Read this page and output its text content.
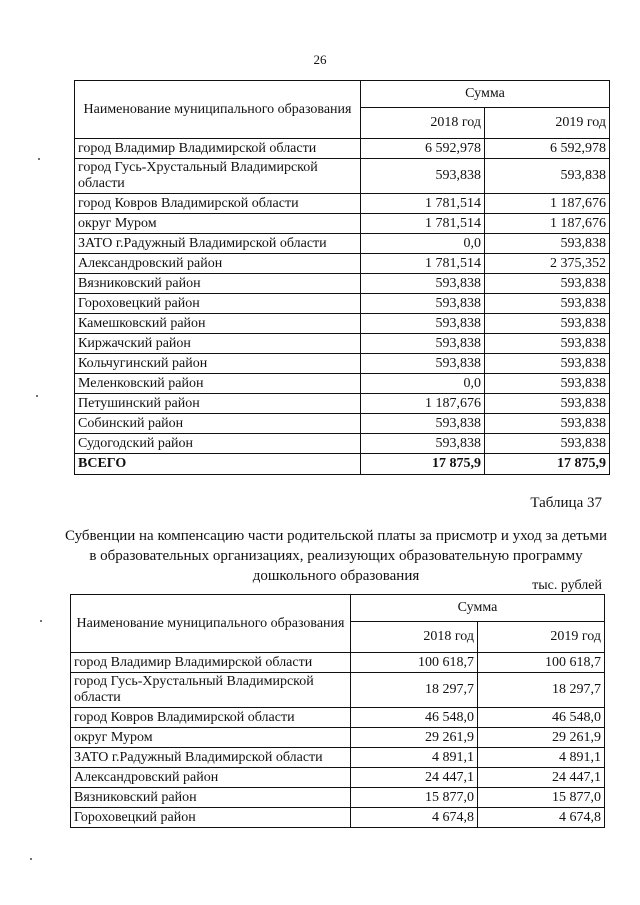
26
Наименование муниципального образования	Сумма	
	2018 год	2019 год
город Владимир Владимирской области	6 592,978	6 592,978
город Гусь-Хрустальный Владимирской области	593,838	593,838
город Ковров Владимирской области	1 781,514	1 187,676
округ Муром	1 781,514	1 187,676
ЗАТО г.Радужный Владимирской области	0,0	593,838
Александровский район	1 781,514	2 375,352
Вязниковский район	593,838	593,838
Гороховецкий район	593,838	593,838
Камешковский район	593,838	593,838
Киржачский район	593,838	593,838
Кольчугинский район	593,838	593,838
Меленковский район	0,0	593,838
Петушинский район	1 187,676	593,838
Собинский район	593,838	593,838
Судогодский район	593,838	593,838
ВСЕГО	17 875,9	17 875,9
Таблица 37
Субвенции на компенсацию части родительской платы за присмотр и уход за детьми в образовательных организациях, реализующих образовательную программу дошкольного образования
тыс. рублей
Наименование муниципального образования	Сумма	
	2018 год	2019 год
город Владимир Владимирской области	100 618,7	100 618,7
город Гусь-Хрустальный Владимирской области	18 297,7	18 297,7
город Ковров Владимирской области	46 548,0	46 548,0
округ Муром	29 261,9	29 261,9
ЗАТО г.Радужный Владимирской области	4 891,1	4 891,1
Александровский район	24 447,1	24 447,1
Вязниковский район	15 877,0	15 877,0
Гороховецкий район	4 674,8	4 674,8
